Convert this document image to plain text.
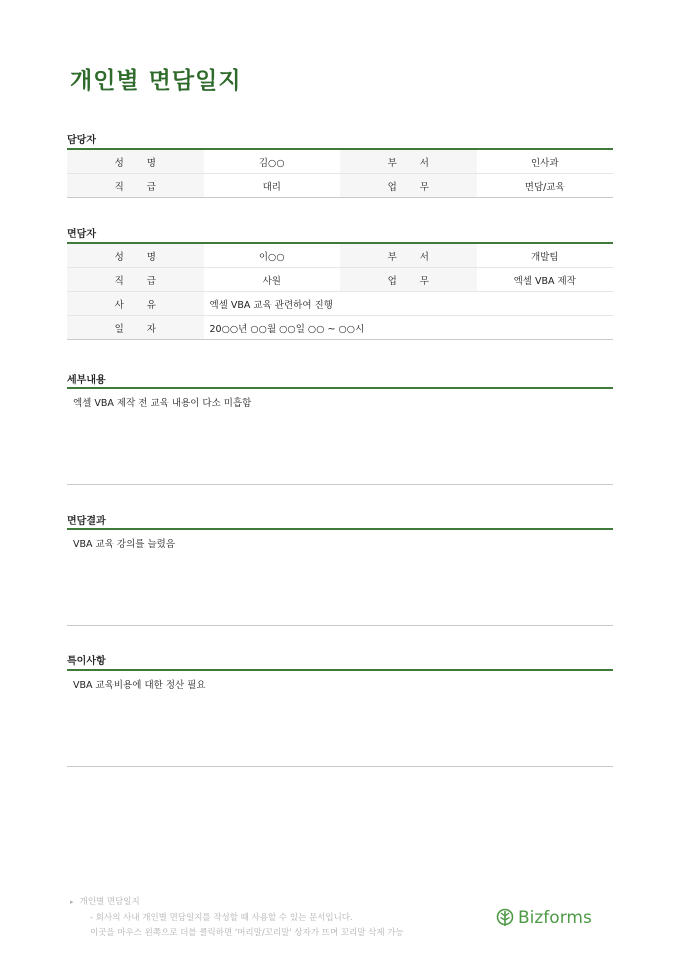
개인별 면담일지
담당자
성 명	김○○	부 서	인사과
직 급	대리	업 무	면담/교육
면담자
성 명	이○○	부 서	개발팀
직 급	사원	업 무	엑셀 VBA 제작
사 유	엑셀 VBA 교육 관련하여 진행		
일 자	20○○년 ○○월 ○○일 ○○ ~ ○○시		
세부내용
엑셀 VBA 제작 전 교육 내용이 다소 미흡함
면담결과
VBA 교육 강의를 늘렸음
특이사항
VBA 교육비용에 대한 정산 필요
▸ 개인별 면담일지
- 회사의 사내 개인별 면담일지를 작성할 때 사용할 수 있는 문서입니다.
이곳을 마우스 왼쪽으로 더블 클릭하면 '머리말/꼬리말' 상자가 뜨며 꼬리말 삭제 가능
Bizforms
